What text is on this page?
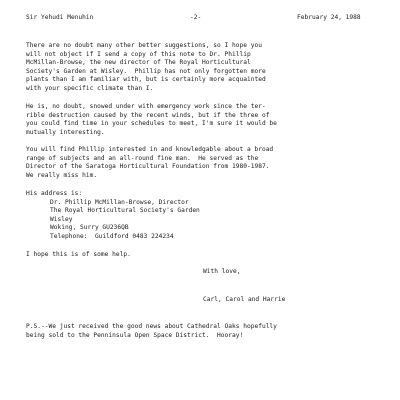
Sir Yehudi Menuhin	-2-	February 24, 1988
There are no doubt many other better suggestions, so I hope you
will not object if I send a copy of this note to Dr. Phillip
McMillan-Browse, the new director of The Royal Horticultural
Society's Garden at Wisley.  Phillip has not only forgotten more
plants than I am familiar with, but is certainly more acquainted
with your specific climate than I.
He is, no doubt, snowed under with emergency work since the ter-
rible destruction caused by the recent winds, but if the three of
you could find time in your schedules to meet, I'm sure it would be
mutually interesting.
You will find Phillip interested in and knowledgable about a broad
range of subjects and an all-round fine man.  He served as the
Director of the Saratoga Horticultural Foundation from 1980-1987.
We really miss him.
His address is:
Dr. Phillip McMillan-Browse, Director
The Royal Horticultural Society's Garden
Wisley
Woking, Surry GU236QB
Telephone:  Guildford 0483 224234
I hope this is of some help.
With love,
Carl, Carol and Harrie
P.S.--We just received the good news about Cathedral Oaks hopefully
being sold to the Penninsula Open Space District.  Hooray!
